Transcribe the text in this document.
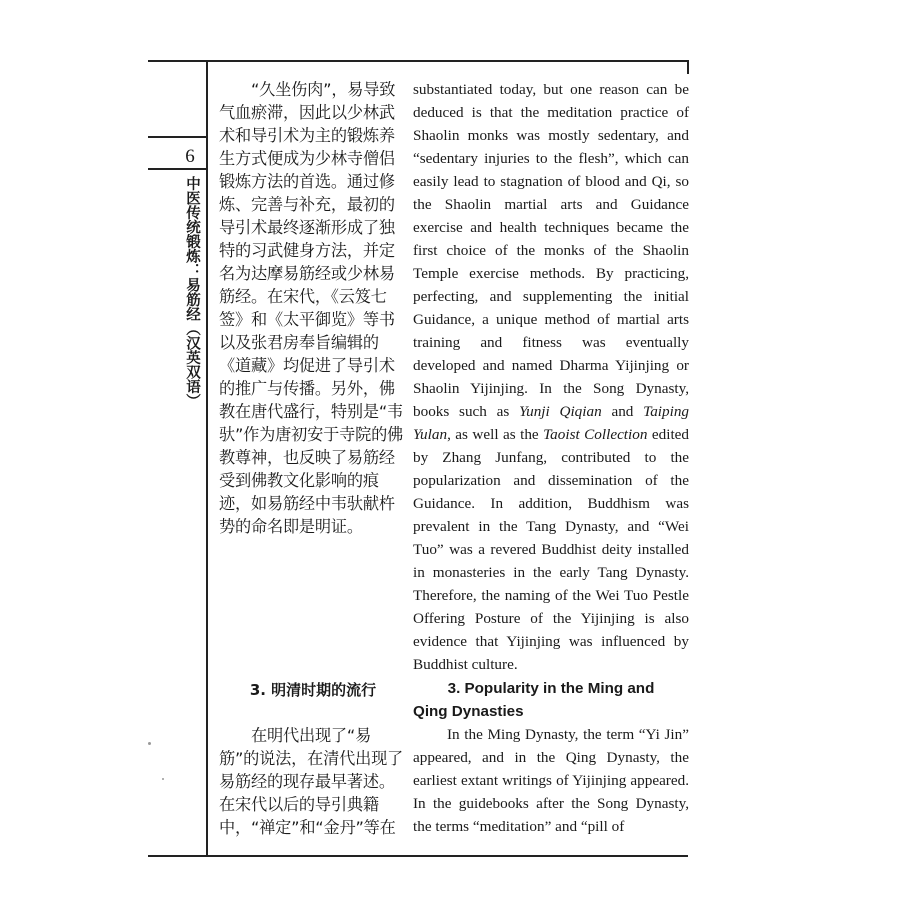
6
中医传统锻炼：易筋经（汉英双语）

“久坐伤肉”，易导致气血瘀滞，因此以少林武术和导引术为主的锻炼养生方式便成为少林寺僧侣锻炼方法的首选。通过修炼、完善与补充，最初的导引术最终逐渐形成了独特的习武健身方法，并定名为达摩易筋经或少林易筋经。在宋代，《云笈七签》和《太平御览》等书以及张君房奉旨编辑的《道藏》均促进了导引术的推广与传播。另外，佛教在唐代盛行，特别是“韦驮”作为唐初安于寺院的佛教尊神，也反映了易筋经受到佛教文化影响的痕迹，如易筋经中韦驮献杵势的命名即是明证。

3. 明清时期的流行

在明代出现了“易筋”的说法，在清代出现了易筋经的现存最早著述。在宋代以后的导引典籍中，“禅定”和“金丹”等在

substantiated today, but one reason can be deduced is that the meditation practice of Shaolin monks was mostly sedentary, and “sedentary injuries to the flesh”, which can easily lead to stagnation of blood and Qi, so the Shaolin martial arts and Guidance exercise and health techniques became the first choice of the monks of the Shaolin Temple exercise methods. By practicing, perfecting, and supplementing the initial Guidance, a unique method of martial arts training and fitness was eventually developed and named Dharma Yijinjing or Shaolin Yijinjing. In the Song Dynasty, books such as Yunji Qiqian and Taiping Yulan, as well as the Taoist Collection edited by Zhang Junfang, contributed to the popularization and dissemination of the Guidance. In addition, Buddhism was prevalent in the Tang Dynasty, and “Wei Tuo” was a revered Buddhist deity installed in monasteries in the early Tang Dynasty. Therefore, the naming of the Wei Tuo Pestle Offering Posture of the Yijinjing is also evidence that Yijinjing was influenced by Buddhist culture.

3. Popularity in the Ming and
Qing Dynasties

In the Ming Dynasty, the term “Yi Jin” appeared, and in the Qing Dynasty, the earliest extant writings of Yijinjing appeared. In the guidebooks after the Song Dynasty, the terms “meditation” and “pill of
